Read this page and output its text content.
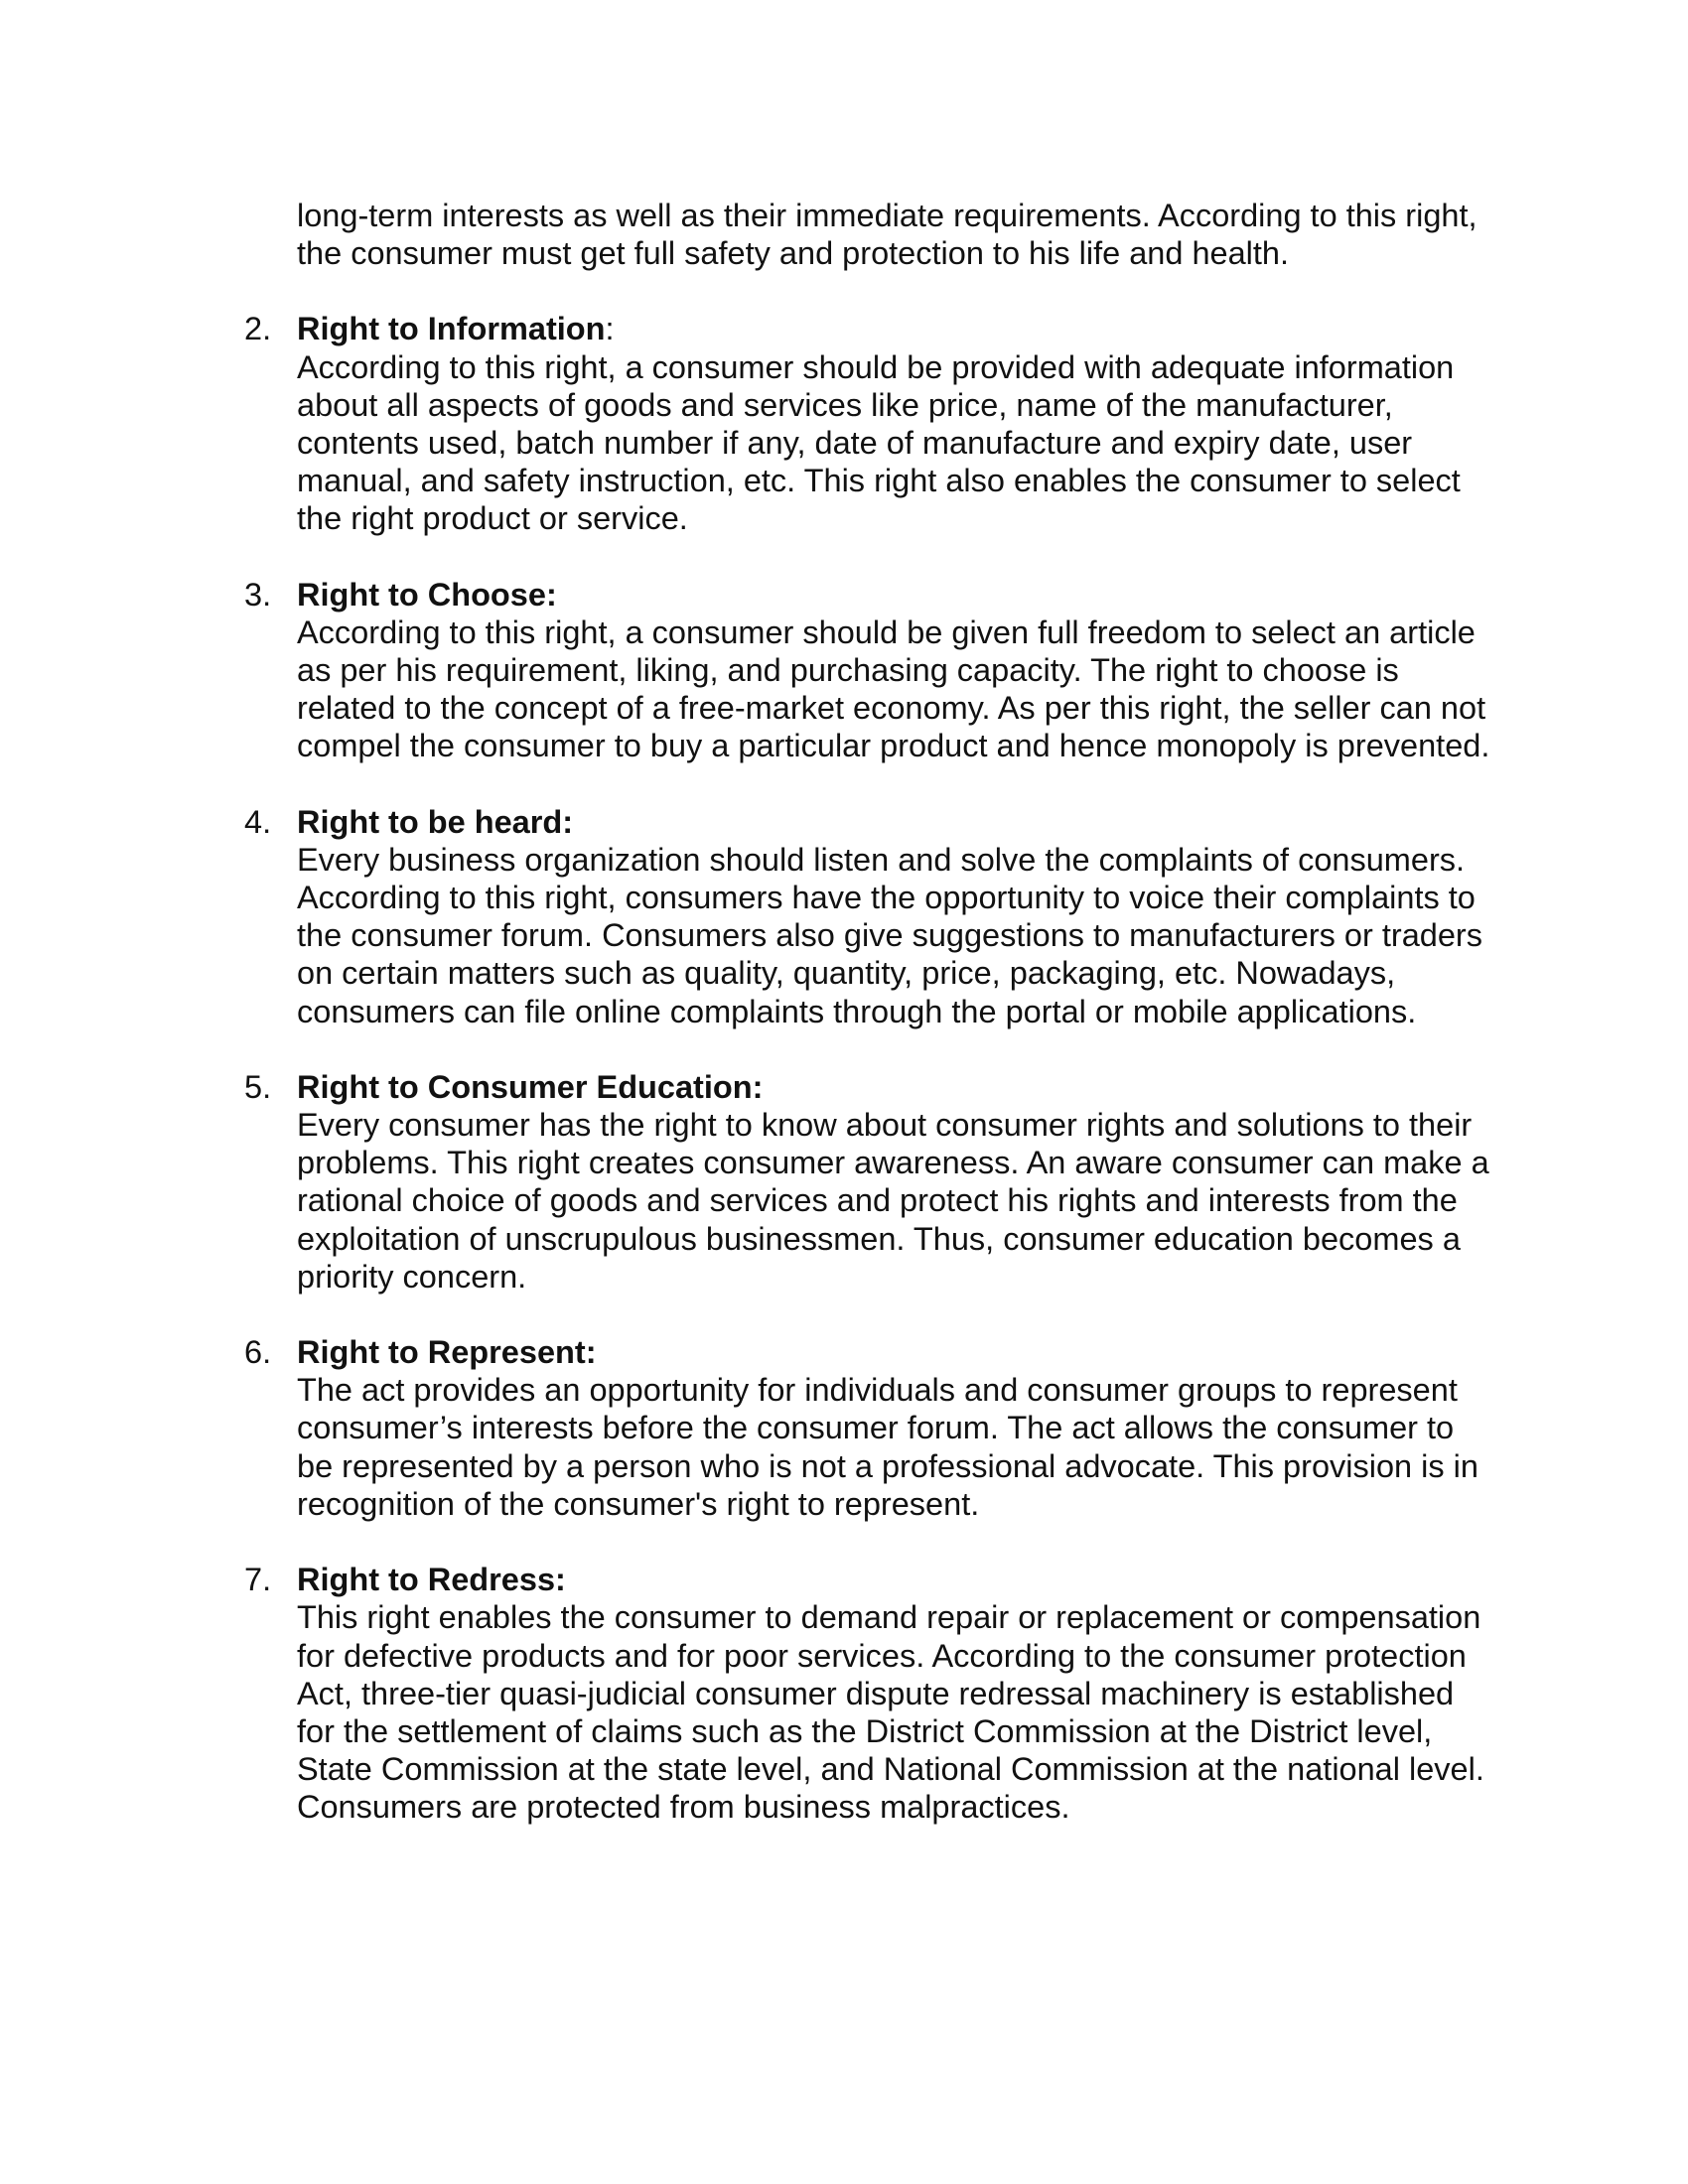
long-term interests as well as their immediate requirements. According to this right, the consumer must get full safety and protection to his life and health.

2. Right to Information:

According to this right, a consumer should be provided with adequate information about all aspects of goods and services like price, name of the manufacturer, contents used, batch number if any, date of manufacture and expiry date, user manual, and safety instruction, etc. This right also enables the consumer to select the right product or service.

3. Right to Choose:

According to this right, a consumer should be given full freedom to select an article as per his requirement, liking, and purchasing capacity. The right to choose is related to the concept of a free-market economy. As per this right, the seller can not compel the consumer to buy a particular product and hence monopoly is prevented.

4. Right to be heard:

Every business organization should listen and solve the complaints of consumers. According to this right, consumers have the opportunity to voice their complaints to the consumer forum. Consumers also give suggestions to manufacturers or traders on certain matters such as quality, quantity, price, packaging, etc. Nowadays, consumers can file online complaints through the portal or mobile applications.

5. Right to Consumer Education:

Every consumer has the right to know about consumer rights and solutions to their problems. This right creates consumer awareness. An aware consumer can make a rational choice of goods and services and protect his rights and interests from the exploitation of unscrupulous businessmen. Thus, consumer education becomes a priority concern.

6. Right to Represent:

The act provides an opportunity for individuals and consumer groups to represent consumer’s interests before the consumer forum. The act allows the consumer to be represented by a person who is not a professional advocate. This provision is in recognition of the consumer's right to represent.

7. Right to Redress:

This right enables the consumer to demand repair or replacement or compensation for defective products and for poor services. According to the consumer protection Act, three-tier quasi-judicial consumer dispute redressal machinery is established for the settlement of claims such as the District Commission at the District level, State Commission at the state level, and National Commission at the national level. Consumers are protected from business malpractices.
